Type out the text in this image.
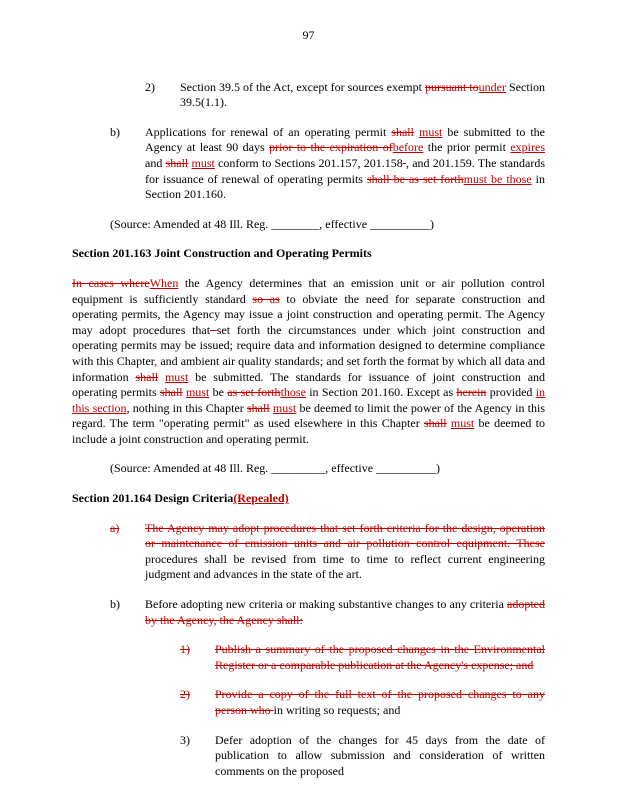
97
2)	Section 39.5 of the Act, except for sources exempt pursuant tounder Section 39.5(1.1).
b)	Applications for renewal of an operating permit shall must be submitted to the Agency at least 90 days prior to the expiration ofbefore the prior permit expires and shall must conform to Sections 201.157, 201.158 , and 201.159. The standards for issuance of renewal of operating permits shall be as set forthmust be those in Section 201.160.
(Source: Amended at 48 Ill. Reg. ________, effective __________)
Section 201.163 Joint Construction and Operating Permits
In cases whereWhen the Agency determines that an emission unit or air pollution control equipment is sufficiently standard so as to obviate the need for separate construction and operating permits, the Agency may issue a joint construction and operating permit. The Agency may adopt procedures that set forth the circumstances under which joint construction and operating permits may be issued; require data and information designed to determine compliance with this Chapter, and ambient air quality standards; and set forth the format by which all data and information shall must be submitted. The standards for issuance of joint construction and operating permits shall must be as set forththose in Section 201.160. Except as herein provided in this section, nothing in this Chapter shall must be deemed to limit the power of the Agency in this regard. The term "operating permit" as used elsewhere in this Chapter shall must be deemed to include a joint construction and operating permit.
(Source: Amended at 48 Ill. Reg. _________, effective __________)
Section 201.164 Design Criteria(Repealed)
a)	The Agency may adopt procedures that set forth criteria for the design, operation or maintenance of emission units and air pollution control equipment. These procedures shall be revised from time to time to reflect current engineering judgment and advances in the state of the art.
b)	Before adopting new criteria or making substantive changes to any criteria adopted by the Agency, the Agency shall:
1)	Publish a summary of the proposed changes in the Environmental Register or a comparable publication at the Agency's expense; and
2)	Provide a copy of the full text of the proposed changes to any person who in writing so requests; and
3)	Defer adoption of the changes for 45 days from the date of publication to allow submission and consideration of written comments on the proposed
